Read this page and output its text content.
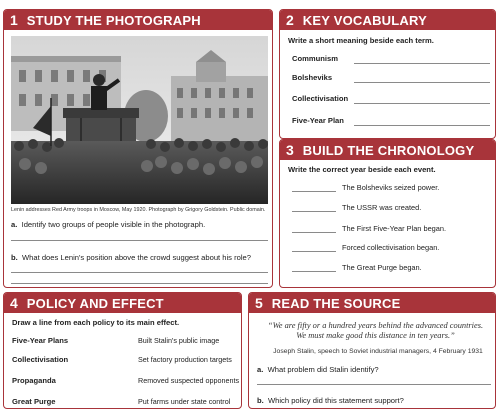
1 STUDY THE PHOTOGRAPH
Lenin addresses Red Army troops in Moscow, May 1920. Photograph by Grigory Goldstein. Public domain.
a. Identify two groups of people visible in the photograph.
b. What does Lenin's position above the crowd suggest about his role?
2 KEY VOCABULARY
Write a short meaning beside each term.
Communism
Bolsheviks
Collectivisation
Five-Year Plan
3 BUILD THE CHRONOLOGY
Write the correct year beside each event.
The Bolsheviks seized power.
The USSR was created.
The First Five-Year Plan began.
Forced collectivisation began.
The Great Purge began.
4 POLICY AND EFFECT
Draw a line from each policy to its main effect.
Five-Year Plans	Built Stalin's public image
Collectivisation	Set factory production targets
Propaganda	Removed suspected opponents
Great Purge	Put farms under state control
5 READ THE SOURCE
“We are fifty or a hundred years behind the advanced countries. We must make good this distance in ten years.”
Joseph Stalin, speech to Soviet industrial managers, 4 February 1931
a. What problem did Stalin identify?
b. Which policy did this statement support?
